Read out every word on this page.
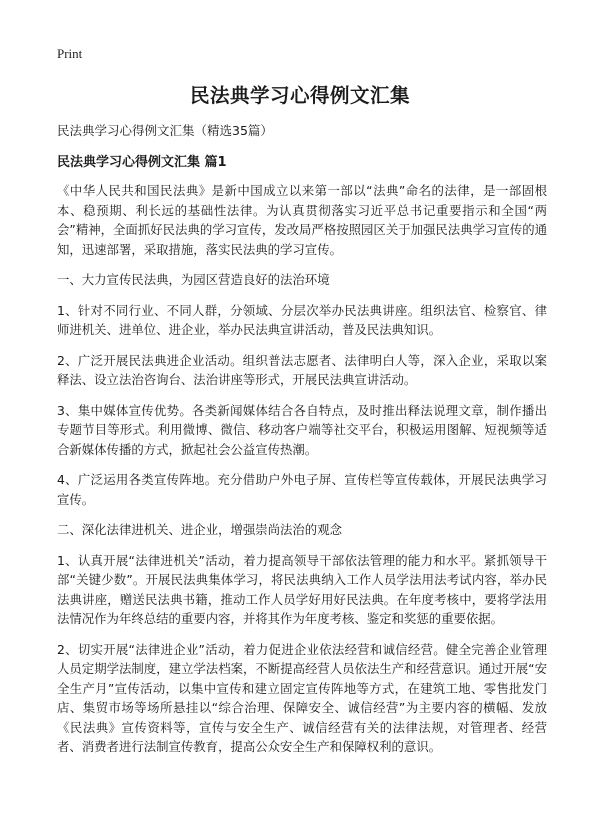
Print
民法典学习心得例文汇集

民法典学习心得例文汇集（精选35篇）

民法典学习心得例文汇集 篇1

《中华人民共和国民法典》是新中国成立以来第一部以“法典”命名的法律，是一部固根本、稳预期、利长远的基础性法律。为认真贯彻落实习近平总书记重要指示和全国“两会”精神，全面抓好民法典的学习宣传，发改局严格按照园区关于加强民法典学习宣传的通知，迅速部署，采取措施，落实民法典的学习宣传。

一、大力宣传民法典，为园区营造良好的法治环境

1、针对不同行业、不同人群，分领域、分层次举办民法典讲座。组织法官、检察官、律师进机关、进单位、进企业，举办民法典宣讲活动，普及民法典知识。

2、广泛开展民法典进企业活动。组织普法志愿者、法律明白人等，深入企业，采取以案释法、设立法治咨询台、法治讲座等形式，开展民法典宣讲活动。

3、集中媒体宣传优势。各类新闻媒体结合各自特点，及时推出释法说理文章，制作播出专题节目等形式。利用微博、微信、移动客户端等社交平台，积极运用图解、短视频等适合新媒体传播的方式，掀起社会公益宣传热潮。

4、广泛运用各类宣传阵地。充分借助户外电子屏、宣传栏等宣传载体，开展民法典学习宣传。

二、深化法律进机关、进企业，增强崇尚法治的观念

1、认真开展“法律进机关”活动，着力提高领导干部依法管理的能力和水平。紧抓领导干部“关键少数”。开展民法典集体学习，将民法典纳入工作人员学法用法考试内容，举办民法典讲座，赠送民法典书籍，推动工作人员学好用好民法典。在年度考核中，要将学法用法情况作为年终总结的重要内容，并将其作为年度考核、鉴定和奖惩的重要依据。

2、切实开展“法律进企业”活动，着力促进企业依法经营和诚信经营。健全完善企业管理人员定期学法制度，建立学法档案，不断提高经营人员依法生产和经营意识。通过开展“安全生产月”宣传活动，以集中宣传和建立固定宣传阵地等方式，在建筑工地、零售批发门店、集贸市场等场所悬挂以“综合治理、保障安全、诚信经营”为主要内容的横幅、发放《民法典》宣传资料等，宣传与安全生产、诚信经营有关的法律法规，对管理者、经营者、消费者进行法制宣传教育，提高公众安全生产和保障权利的意识。
